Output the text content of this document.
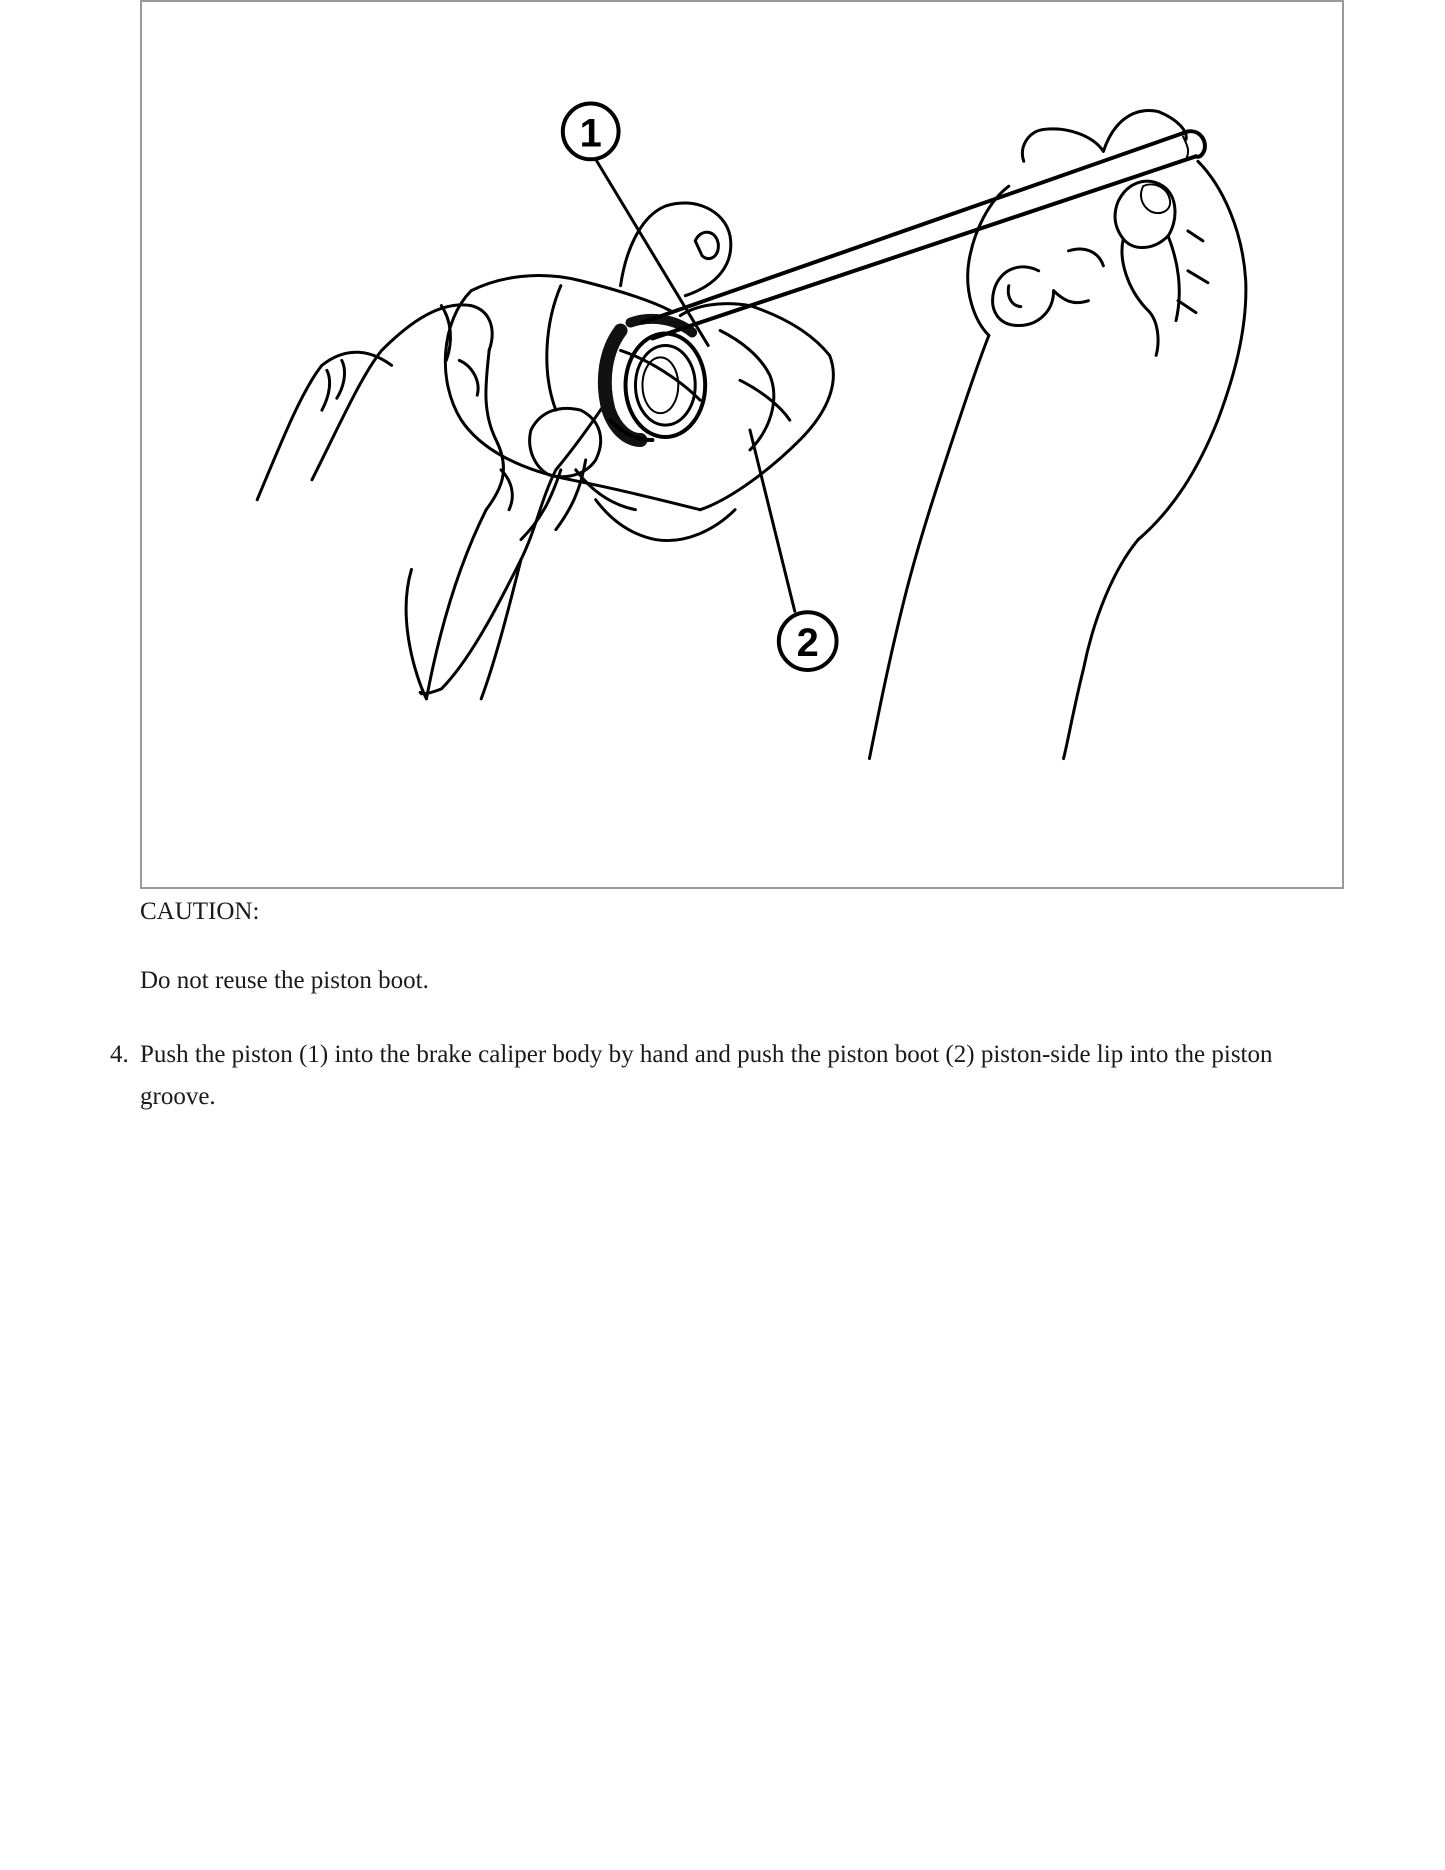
1
2
CAUTION:
Do not reuse the piston boot.
4. Push the piston (1) into the brake caliper body by hand and push the piston boot (2) piston-side lip into the piston groove.
